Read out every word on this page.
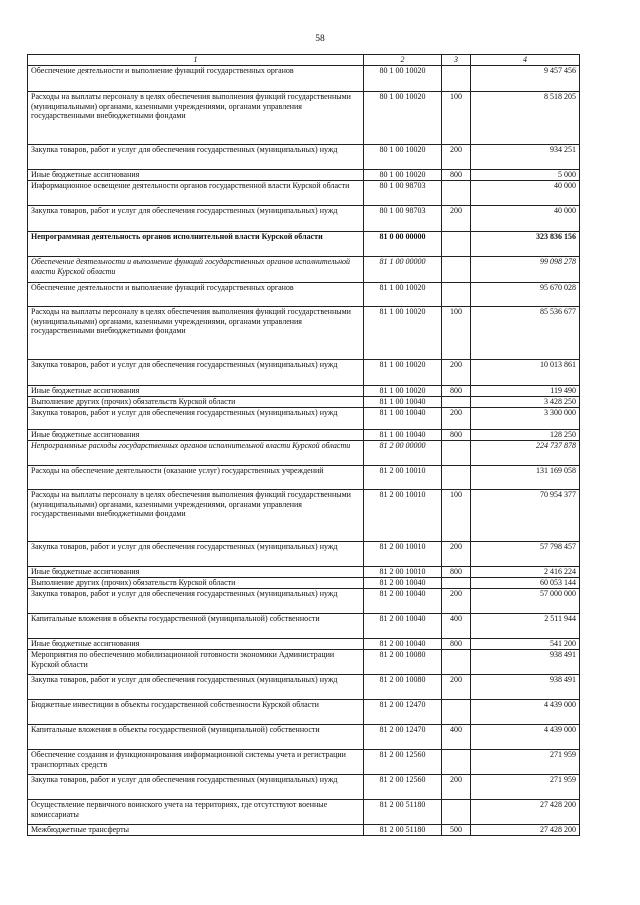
58
1	2	3	4
Обеспечение деятельности и выполнение функций государственных органов	80 1 00 10020		9 457 456
Расходы на выплаты персоналу в целях обеспечения выполнения функций государственными (муниципальными) органами, казенными учреждениями, органами управления государственными внебюджетными фондами	80 1 00 10020	100	8 518 205
Закупка товаров, работ и услуг для обеспечения государственных (муниципальных) нужд	80 1 00 10020	200	934 251
Иные бюджетные ассигнования	80 1 00 10020	800	5 000
Информационное освещение деятельности органов государственной власти Курской области	80 1 00 98703		40 000
Закупка товаров, работ и услуг для обеспечения государственных (муниципальных) нужд	80 1 00 98703	200	40 000
Непрограммная деятельность органов исполнительной власти Курской области	81 0 00 00000		323 836 156
Обеспечение деятельности и выполнение функций государственных органов исполнительной власти Курской области	81 1 00 00000		99 098 278
Обеспечение деятельности и выполнение функций государственных органов	81 1 00 10020		95 670 028
Расходы на выплаты персоналу в целях обеспечения выполнения функций государственными (муниципальными) органами, казенными учреждениями, органами управления государственными внебюджетными фондами	81 1 00 10020	100	85 536 677
Закупка товаров, работ и услуг для обеспечения государственных (муниципальных) нужд	81 1 00 10020	200	10 013 861
Иные бюджетные ассигнования	81 1 00 10020	800	119 490
Выполнение других (прочих) обязательств Курской области	81 1 00 10040		3 428 250
Закупка товаров, работ и услуг для обеспечения государственных (муниципальных) нужд	81 1 00 10040	200	3 300 000
Иные бюджетные ассигнования	81 1 00 10040	800	128 250
Непрограммные расходы государственных органов исполнительной власти Курской области	81 2 00 00000		224 737 878
Расходы на обеспечение деятельности (оказание услуг) государственных учреждений	81 2 00 10010		131 169 058
Расходы на выплаты персоналу в целях обеспечения выполнения функций государственными (муниципальными) органами, казенными учреждениями, органами управления государственными внебюджетными фондами	81 2 00 10010	100	70 954 377
Закупка товаров, работ и услуг для обеспечения государственных (муниципальных) нужд	81 2 00 10010	200	57 798 457
Иные бюджетные ассигнования	81 2 00 10010	800	2 416 224
Выполнение других (прочих) обязательств Курской области	81 2 00 10040		60 053 144
Закупка товаров, работ и услуг для обеспечения государственных (муниципальных) нужд	81 2 00 10040	200	57 000 000
Капитальные вложения в объекты государственной (муниципальной) собственности	81 2 00 10040	400	2 511 944
Иные бюджетные ассигнования	81 2 00 10040	800	541 200
Мероприятия по обеспечению мобилизационной готовности экономики Администрации Курской области	81 2 00 10080		938 491
Закупка товаров, работ и услуг для обеспечения государственных (муниципальных) нужд	81 2 00 10080	200	938 491
Бюджетные инвестиции в объекты государственной собственности Курской области	81 2 00 12470		4 439 000
Капитальные вложения в объекты государственной (муниципальной) собственности	81 2 00 12470	400	4 439 000
Обеспечение создания и функционирования информационной системы учета и регистрации транспортных средств	81 2 00 12560		271 959
Закупка товаров, работ и услуг для обеспечения государственных (муниципальных) нужд	81 2 00 12560	200	271 959
Осуществление первичного воинского учета на территориях, где отсутствуют военные комиссариаты	81 2 00 51180		27 428 200
Межбюджетные трансферты	81 2 00 51180	500	27 428 200
